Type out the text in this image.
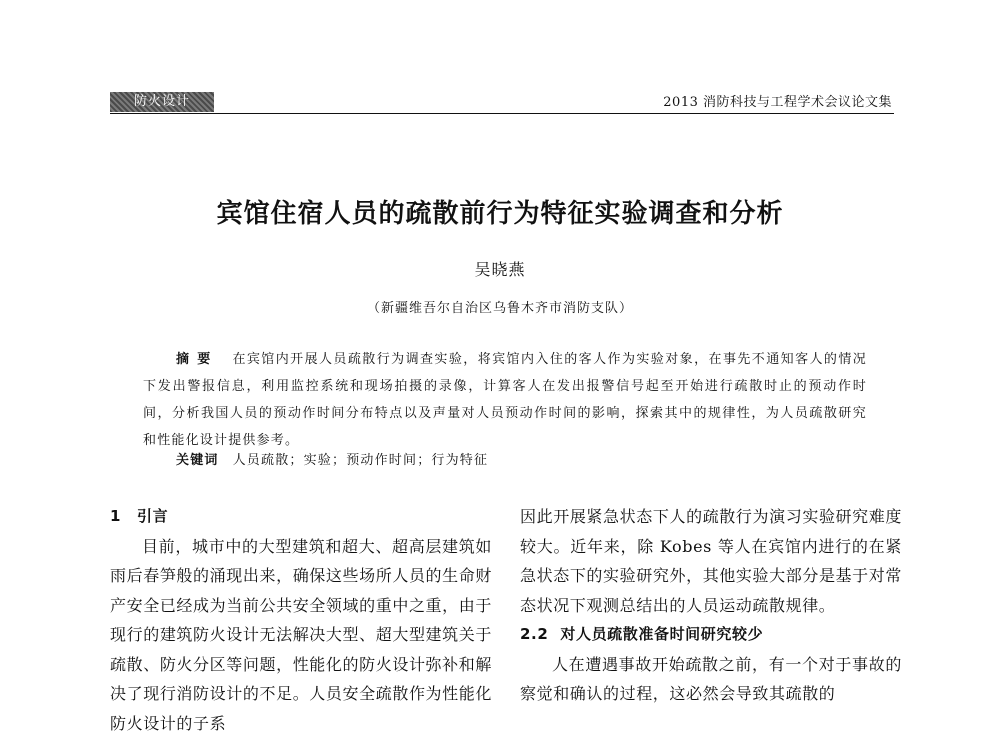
防火设计	2013 消防科技与工程学术会议论文集
宾馆住宿人员的疏散前行为特征实验调查和分析
吴晓燕
（新疆维吾尔自治区乌鲁木齐市消防支队）
摘要 在宾馆内开展人员疏散行为调查实验，将宾馆内入住的客人作为实验对象，在事先不通知客人的情况下发出警报信息，利用监控系统和现场拍摄的录像，计算客人在发出报警信号起至开始进行疏散时止的预动作时间，分析我国人员的预动作时间分布特点以及声量对人员预动作时间的影响，探索其中的规律性，为人员疏散研究和性能化设计提供参考。
关键词 人员疏散；实验；预动作时间；行为特征

1 引言

目前，城市中的大型建筑和超大、超高层建筑如雨后春笋般的涌现出来，确保这些场所人员的生命财产安全已经成为当前公共安全领域的重中之重，由于现行的建筑防火设计无法解决大型、超大型建筑关于疏散、防火分区等问题，性能化的防火设计弥补和解决了现行消防设计的不足。人员安全疏散作为性能化防火设计的子系

因此开展紧急状态下人的疏散行为演习实验研究难度较大。近年来，除 Kobes 等人在宾馆内进行的在紧急状态下的实验研究外，其他实验大部分是基于对常态状况下观测总结出的人员运动疏散规律。

2.2 对人员疏散准备时间研究较少

人在遭遇事故开始疏散之前，有一个对于事故的察觉和确认的过程，这必然会导致其疏散的
